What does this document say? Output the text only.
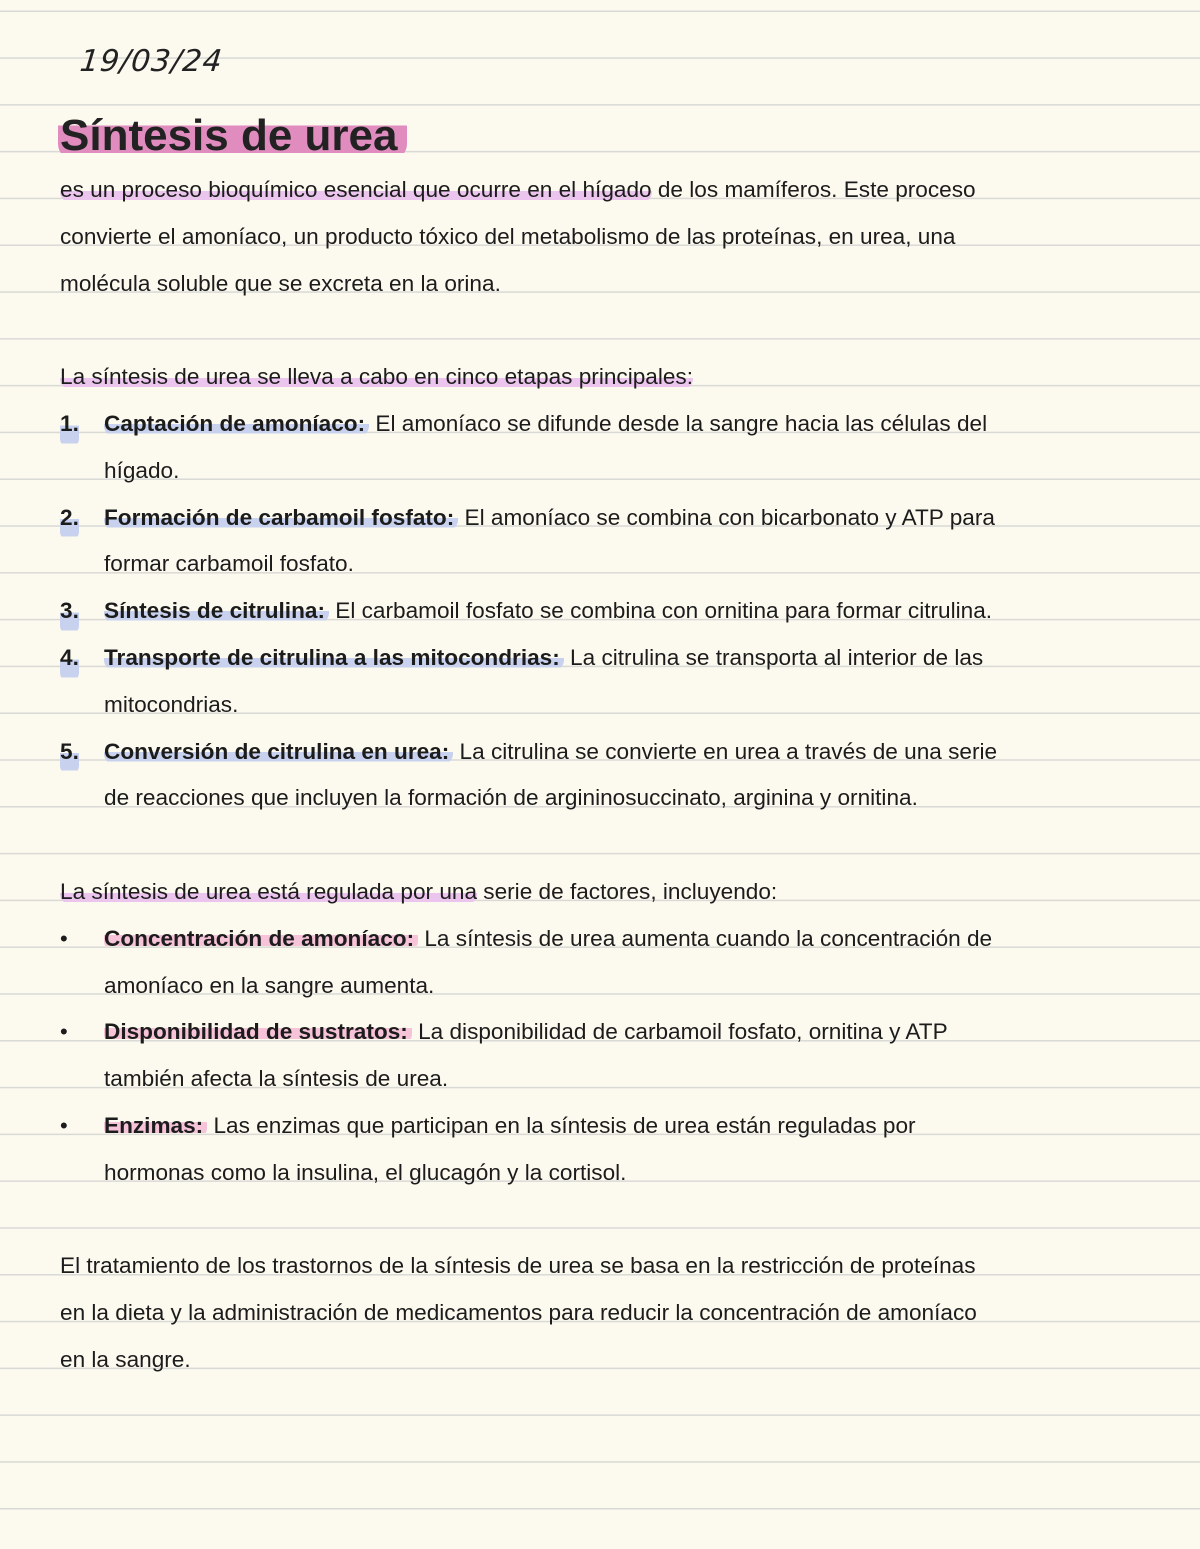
19/03/24
Síntesis de urea

es un proceso bioquímico esencial que ocurre en el hígado de los mamíferos. Este proceso

convierte el amoníaco, un producto tóxico del metabolismo de las proteínas, en urea, una

molécula soluble que se excreta en la orina.

La síntesis de urea se lleva a cabo en cinco etapas principales:

1. Captación de amoníaco: El amoníaco se difunde desde la sangre hacia las células del

hígado.

2. Formación de carbamoil fosfato: El amoníaco se combina con bicarbonato y ATP para

formar carbamoil fosfato.

3. Síntesis de citrulina: El carbamoil fosfato se combina con ornitina para formar citrulina.

4. Transporte de citrulina a las mitocondrias: La citrulina se transporta al interior de las

mitocondrias.

5. Conversión de citrulina en urea: La citrulina se convierte en urea a través de una serie

de reacciones que incluyen la formación de argininosuccinato, arginina y ornitina.

La síntesis de urea está regulada por una serie de factores, incluyendo:

• Concentración de amoníaco: La síntesis de urea aumenta cuando la concentración de

amoníaco en la sangre aumenta.

• Disponibilidad de sustratos: La disponibilidad de carbamoil fosfato, ornitina y ATP

también afecta la síntesis de urea.

• Enzimas: Las enzimas que participan en la síntesis de urea están reguladas por

hormonas como la insulina, el glucagón y la cortisol.

El tratamiento de los trastornos de la síntesis de urea se basa en la restricción de proteínas

en la dieta y la administración de medicamentos para reducir la concentración de amoníaco

en la sangre.
